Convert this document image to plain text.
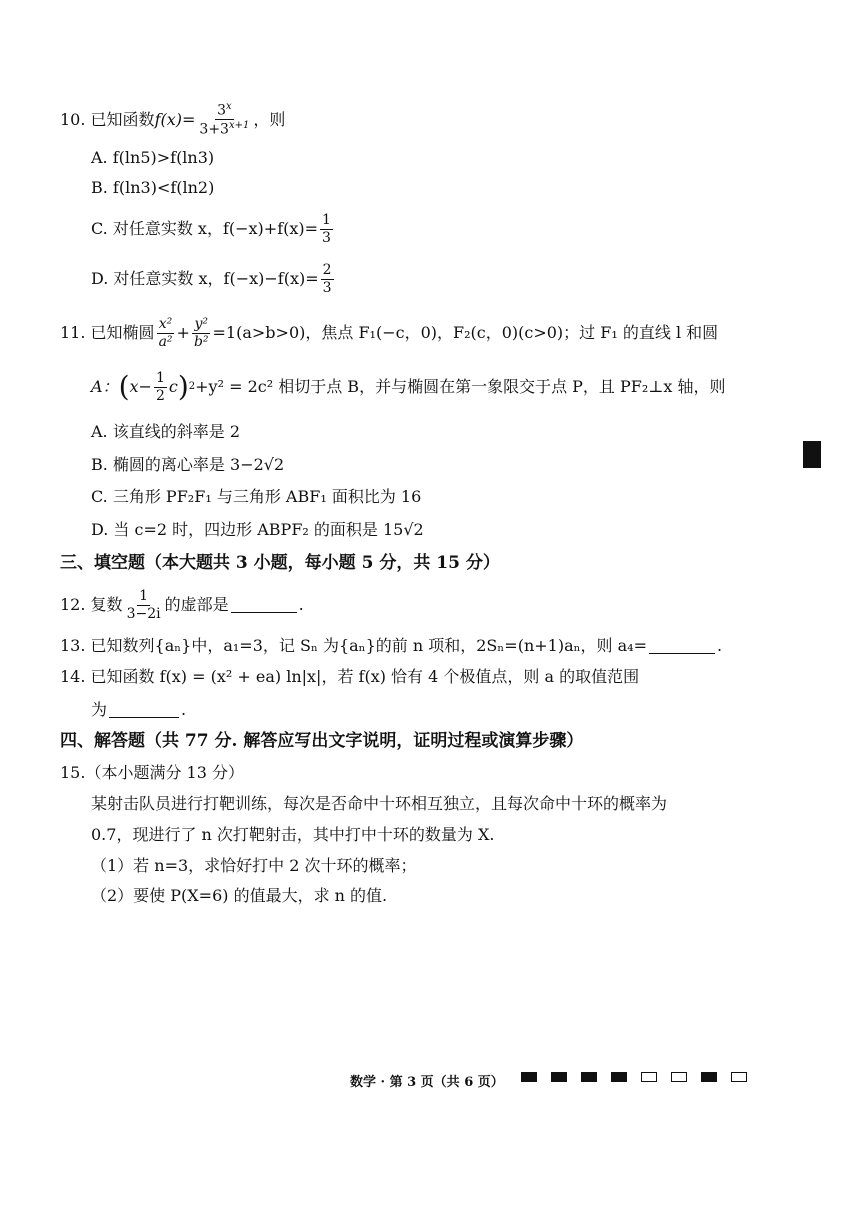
10.
已知函数 $f(x) = \frac{3^x}{3+3^{x+1}}$ ，则
A. f(ln5)>f(ln3)
B. f(ln3)<f(ln2)
C. 对任意实数 x，$f(-x)+f(x)= \frac{1}{3}$
D. 对任意实数 x，$f(-x)-f(x)= \frac{2}{3}$
11.
已知椭圆 $\frac{\text{x²}}{\text{a²}} + \frac{\text{y²}}{\text{b²}} =1(a>b>0)$，焦点 F₁(−c，0)，F₂(c，0)(c>0)；过 F₁ 的直线 l 和圆
A： ( $x- \frac{1}{2}$ c ) 2 +y² = 2c² 相切于点 B，并与椭圆在第一象限交于点 P，且 PF₂⊥x 轴，则
A. 该直线的斜率是 2
B. 椭圆的离心率是 3−2√2
C. 三角形 PF₂F₁ 与三角形 ABF₁ 面积比为 16
D. 当 c=2 时，四边形 ABPF₂ 的面积是 15√2
三、填空题（本大题共 3 小题，每小题 5 分，共 15 分）
12.
复数 $\frac{1}{3-2i}$ 的虚部是	.
13. 已知数列{aₙ}中，a₁=3，记 Sₙ 为{aₙ}的前 n 项和，2Sₙ=(n+1)aₙ，则 a₄=	.
14. 已知函数 f(x) = (x² + ea) ln|x|，若 f(x) 恰有 4 个极值点，则 a 的取值范围
为	.
四、解答题（共 77 分. 解答应写出文字说明，证明过程或演算步骤）
15.（本小题满分 13 分）
某射击队员进行打靶训练，每次是否命中十环相互独立，且每次命中十环的概率为
0.7，现进行了 n 次打靶射击，其中打中十环的数量为 X.
（1）若 n=3，求恰好打中 2 次十环的概率；
（2）要使 P(X=6) 的值最大，求 n 的值.
数学 · 第 3 页（共 6 页）
